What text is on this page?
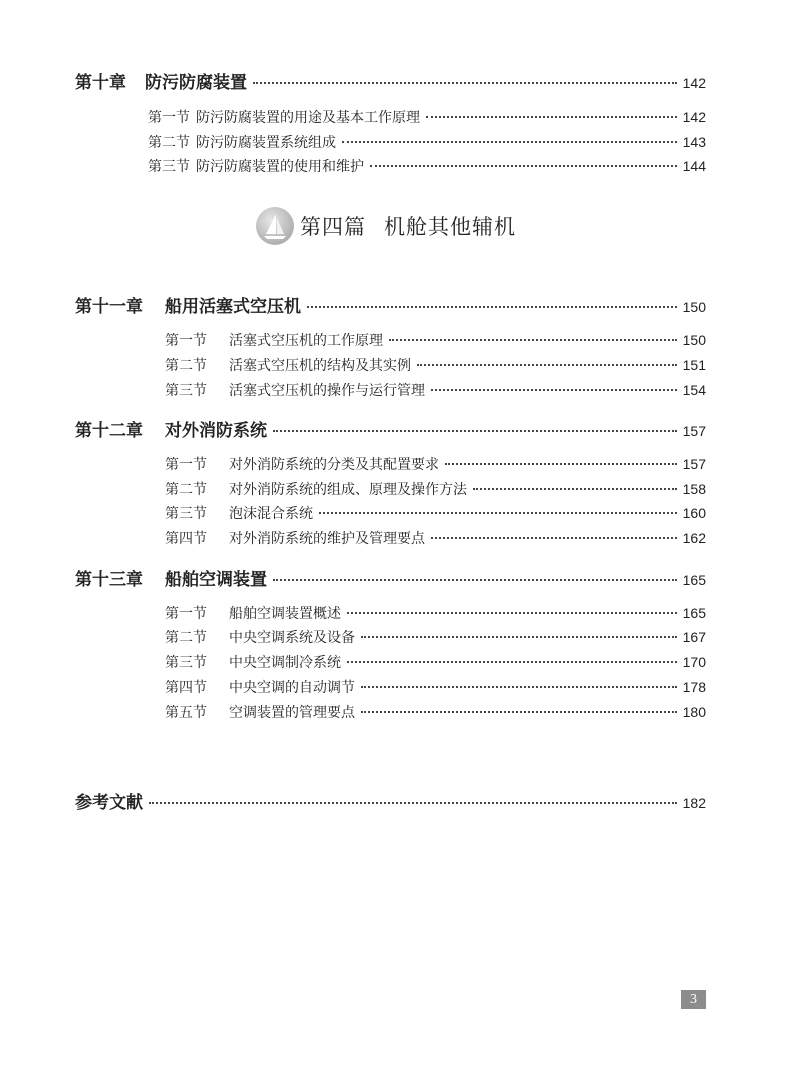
第十章	防污防腐装置	142
第一节 防污防腐装置的用途及基本工作原理	142
第二节 防污防腐装置系统组成	143
第三节 防污防腐装置的使用和维护	144
第四篇 机舱其他辅机
第十一章	船用活塞式空压机	150
第一节	活塞式空压机的工作原理	150
第二节	活塞式空压机的结构及其实例	151
第三节	活塞式空压机的操作与运行管理	154
第十二章	对外消防系统	157
第一节	对外消防系统的分类及其配置要求	157
第二节	对外消防系统的组成、原理及操作方法	158
第三节	泡沫混合系统	160
第四节	对外消防系统的维护及管理要点	162
第十三章	船舶空调装置	165
第一节	船舶空调装置概述	165
第二节	中央空调系统及设备	167
第三节	中央空调制冷系统	170
第四节	中央空调的自动调节	178
第五节	空调装置的管理要点	180
参考文献	182
3
